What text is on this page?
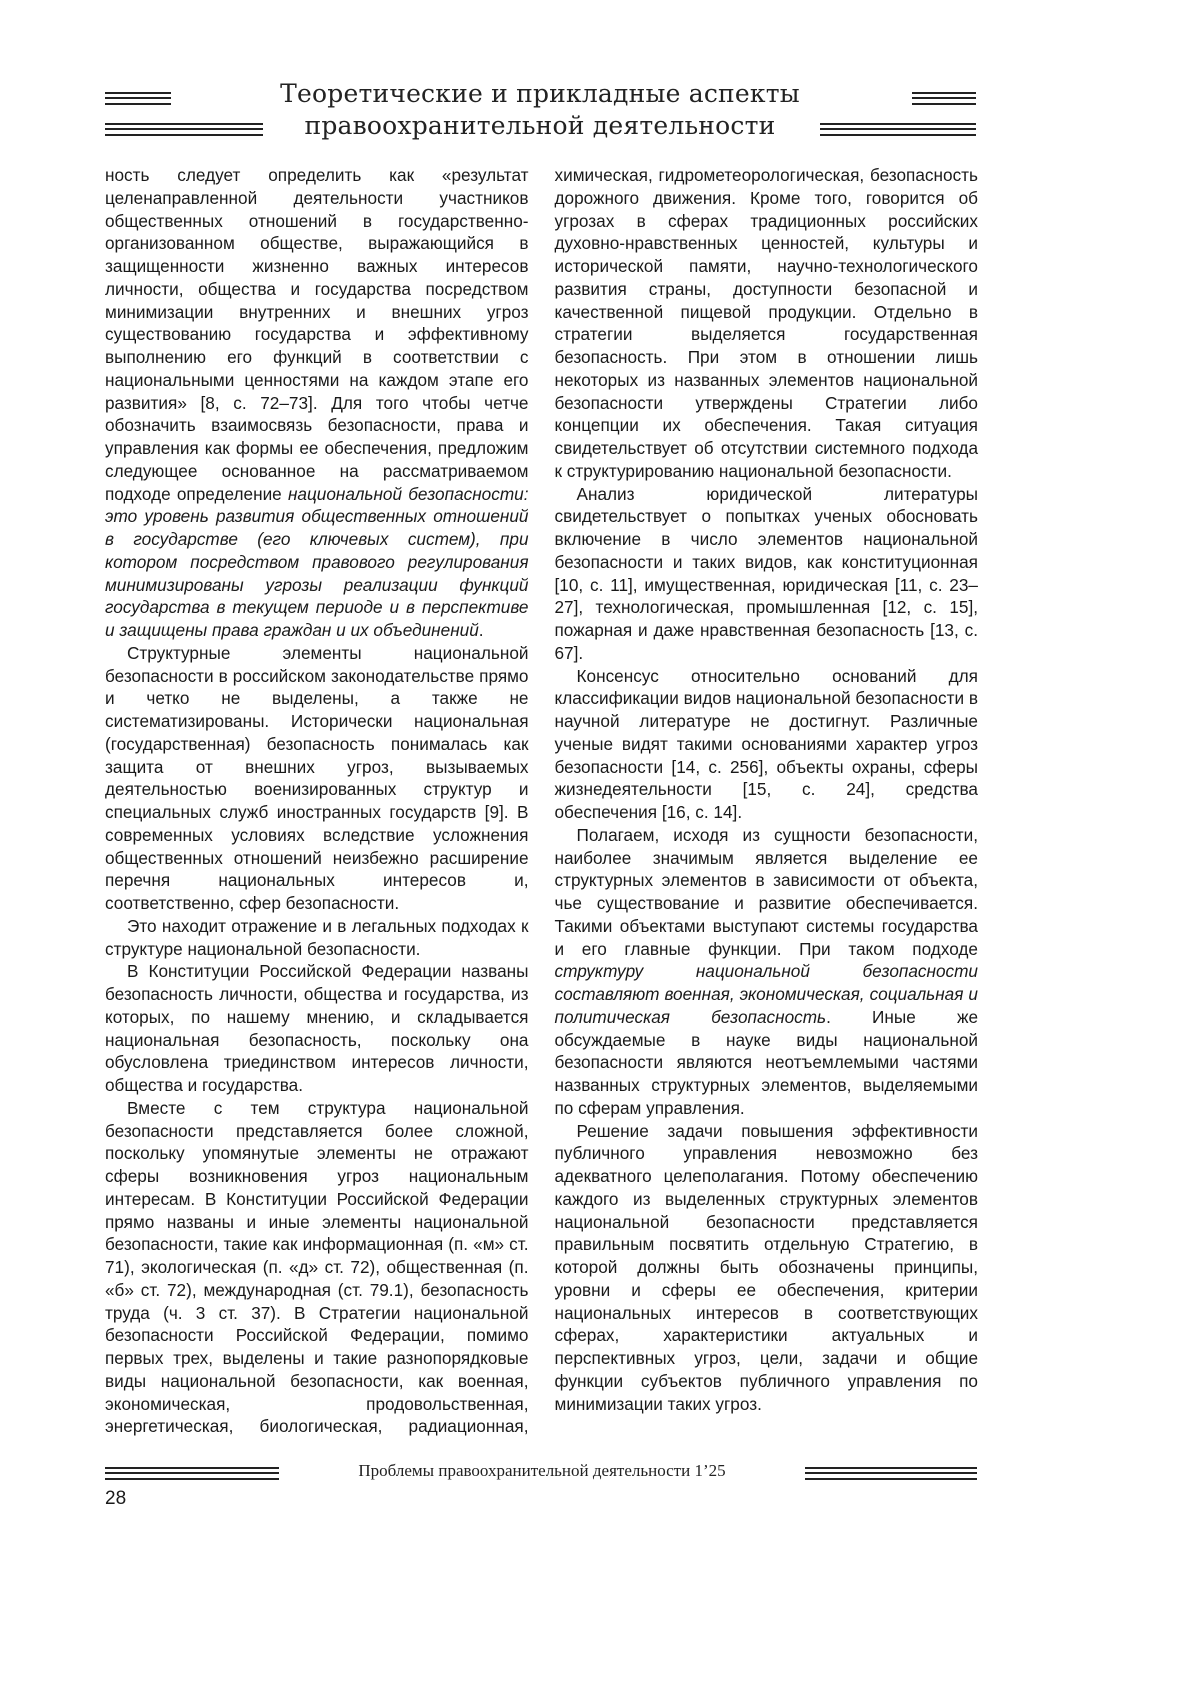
Теоретические и прикладные аспекты
правоохранительной деятельности

ность следует определить как «результат целенаправленной деятельности участников общественных отношений в государственно-организованном обществе, выражающийся в защищенности жизненно важных интересов личности, общества и государства посредством минимизации внутренних и внешних угроз существованию государства и эффективному выполнению его функций в соответствии с национальными ценностями на каждом этапе его развития» [8, с. 72–73]. Для того чтобы четче обозначить взаимосвязь безопасности, права и управления как формы ее обеспечения, предложим следующее основанное на рассматриваемом подходе определение национальной безопасности: это уровень развития общественных отношений в государстве (его ключевых систем), при котором посредством правового регулирования минимизированы угрозы реализации функций государства в текущем периоде и в перспективе и защищены права граждан и их объединений.

Структурные элементы национальной безопасности в российском законодательстве прямо и четко не выделены, а также не систематизированы. Исторически национальная (государственная) безопасность понималась как защита от внешних угроз, вызываемых деятельностью военизированных структур и специальных служб иностранных государств [9]. В современных условиях вследствие усложнения общественных отношений неизбежно расширение перечня национальных интересов и, соответственно, сфер безопасности.

Это находит отражение и в легальных подходах к структуре национальной безопасности.

В Конституции Российской Федерации названы безопасность личности, общества и государства, из которых, по нашему мнению, и складывается национальная безопасность, поскольку она обусловлена триединством интересов личности, общества и государства.

Вместе с тем структура национальной безопасности представляется более сложной, поскольку упомянутые элементы не отражают сферы возникновения угроз национальным интересам. В Конституции Российской Федерации прямо названы и иные элементы национальной безопасности, такие как информационная (п. «м» ст. 71), экологическая (п. «д» ст. 72), общественная (п. «б» ст. 72), международная (ст. 79.1), безопасность труда (ч. 3 ст. 37). В Стратегии национальной безопасности Российской Федерации, помимо первых трех, выделены и такие разнопорядковые виды национальной безопасности, как военная, экономическая, продовольственная, энергетическая, биологическая, радиационная, химическая, гидрометеорологическая, безопасность дорожного движения. Кроме того, говорится об угрозах в сферах традиционных российских духовно-нравственных ценностей, культуры и исторической памяти, научно-технологического развития страны, доступности безопасной и качественной пищевой продукции. Отдельно в стратегии выделяется государственная безопасность. При этом в отношении лишь некоторых из названных элементов национальной безопасности утверждены Стратегии либо концепции их обеспечения. Такая ситуация свидетельствует об отсутствии системного подхода к структурированию национальной безопасности.

Анализ юридической литературы свидетельствует о попытках ученых обосновать включение в число элементов национальной безопасности и таких видов, как конституционная [10, с. 11], имущественная, юридическая [11, с. 23–27], технологическая, промышленная [12, с. 15], пожарная и даже нравственная безопасность [13, с. 67].

Консенсус относительно оснований для классификации видов национальной безопасности в научной литературе не достигнут. Различные ученые видят такими основаниями характер угроз безопасности [14, с. 256], объекты охраны, сферы жизнедеятельности [15, с. 24], средства обеспечения [16, с. 14].

Полагаем, исходя из сущности безопасности, наиболее значимым является выделение ее структурных элементов в зависимости от объекта, чье существование и развитие обеспечивается. Такими объектами выступают системы государства и его главные функции. При таком подходе структуру национальной безопасности составляют военная, экономическая, социальная и политическая безопасность. Иные же обсуждаемые в науке виды национальной безопасности являются неотъемлемыми частями названных структурных элементов, выделяемыми по сферам управления.

Решение задачи повышения эффективности публичного управления невозможно без адекватного целеполагания. Потому обеспечению каждого из выделенных структурных элементов национальной безопасности представляется правильным посвятить отдельную Стратегию, в которой должны быть обозначены принципы, уровни и сферы ее обеспечения, критерии национальных интересов в соответствующих сферах, характеристики актуальных и перспективных угроз, цели, задачи и общие функции субъектов публичного управления по минимизации таких угроз.

Проблемы правоохранительной деятельности 1’25
28
